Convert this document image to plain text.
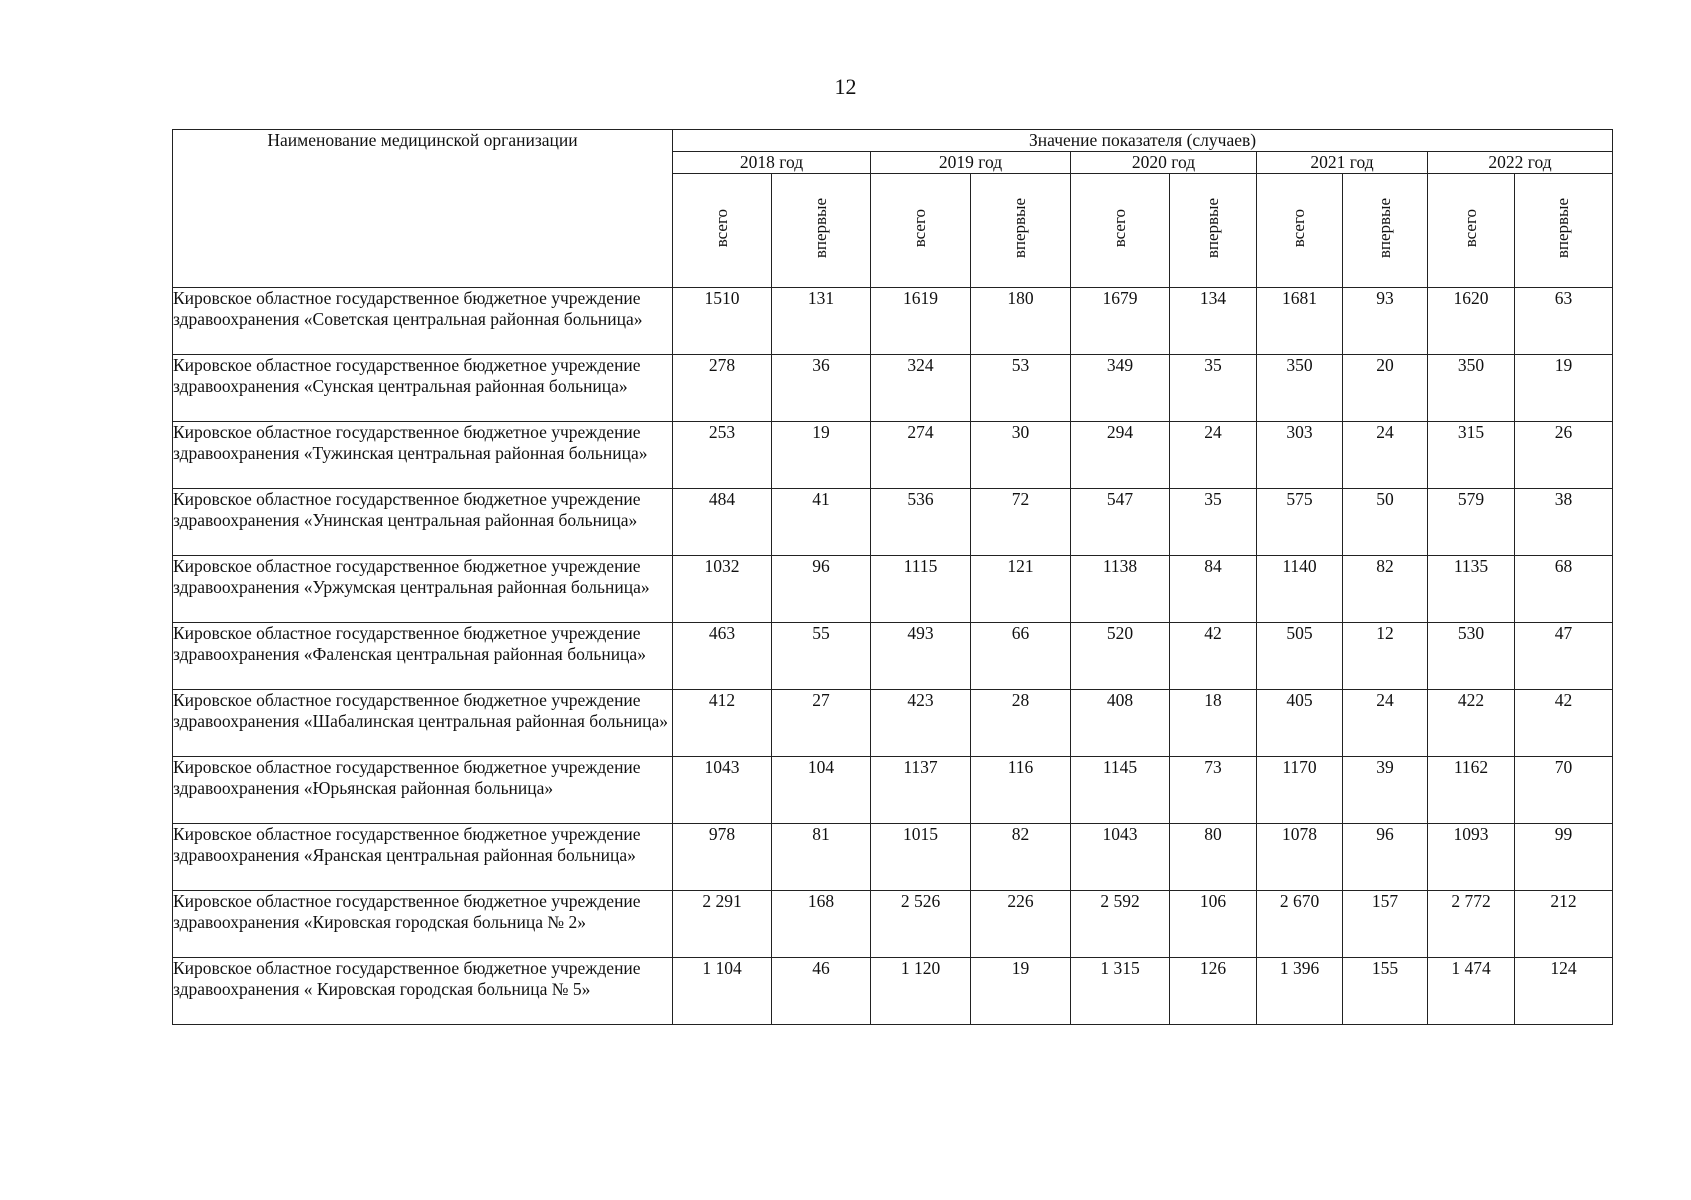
12
Наименование медицинской организации	Значение показателя (случаев)									
	2018 год		2019 год		2020 год		2021 год		2022 год	
	всего	впервые	всего	впервые	всего	впервые	всего	впервые	всего	впервые
Кировское областное государственное бюджетное учреждение здравоохранения «Советская центральная районная больница»	1510	131	1619	180	1679	134	1681	93	1620	63
Кировское областное государственное бюджетное учреждение здравоохранения «Сунская центральная районная больница»	278	36	324	53	349	35	350	20	350	19
Кировское областное государственное бюджетное учреждение здравоохранения «Тужинская центральная районная больница»	253	19	274	30	294	24	303	24	315	26
Кировское областное государственное бюджетное учреждение здравоохранения «Унинская центральная районная больница»	484	41	536	72	547	35	575	50	579	38
Кировское областное государственное бюджетное учреждение здравоохранения «Уржумская центральная районная больница»	1032	96	1115	121	1138	84	1140	82	1135	68
Кировское областное государственное бюджетное учреждение здравоохранения «Фаленская центральная районная больница»	463	55	493	66	520	42	505	12	530	47
Кировское областное государственное бюджетное учреждение здравоохранения «Шабалинская центральная районная больница»	412	27	423	28	408	18	405	24	422	42
Кировское областное государственное бюджетное учреждение здравоохранения «Юрьянская районная больница»	1043	104	1137	116	1145	73	1170	39	1162	70
Кировское областное государственное бюджетное учреждение здравоохранения «Яранская центральная районная больница»	978	81	1015	82	1043	80	1078	96	1093	99
Кировское областное государственное бюджетное учреждение здравоохранения «Кировская городская больница № 2»	2 291	168	2 526	226	2 592	106	2 670	157	2 772	212
Кировское областное государственное бюджетное учреждение здравоохранения « Кировская городская больница № 5»	1 104	46	1 120	19	1 315	126	1 396	155	1 474	124
